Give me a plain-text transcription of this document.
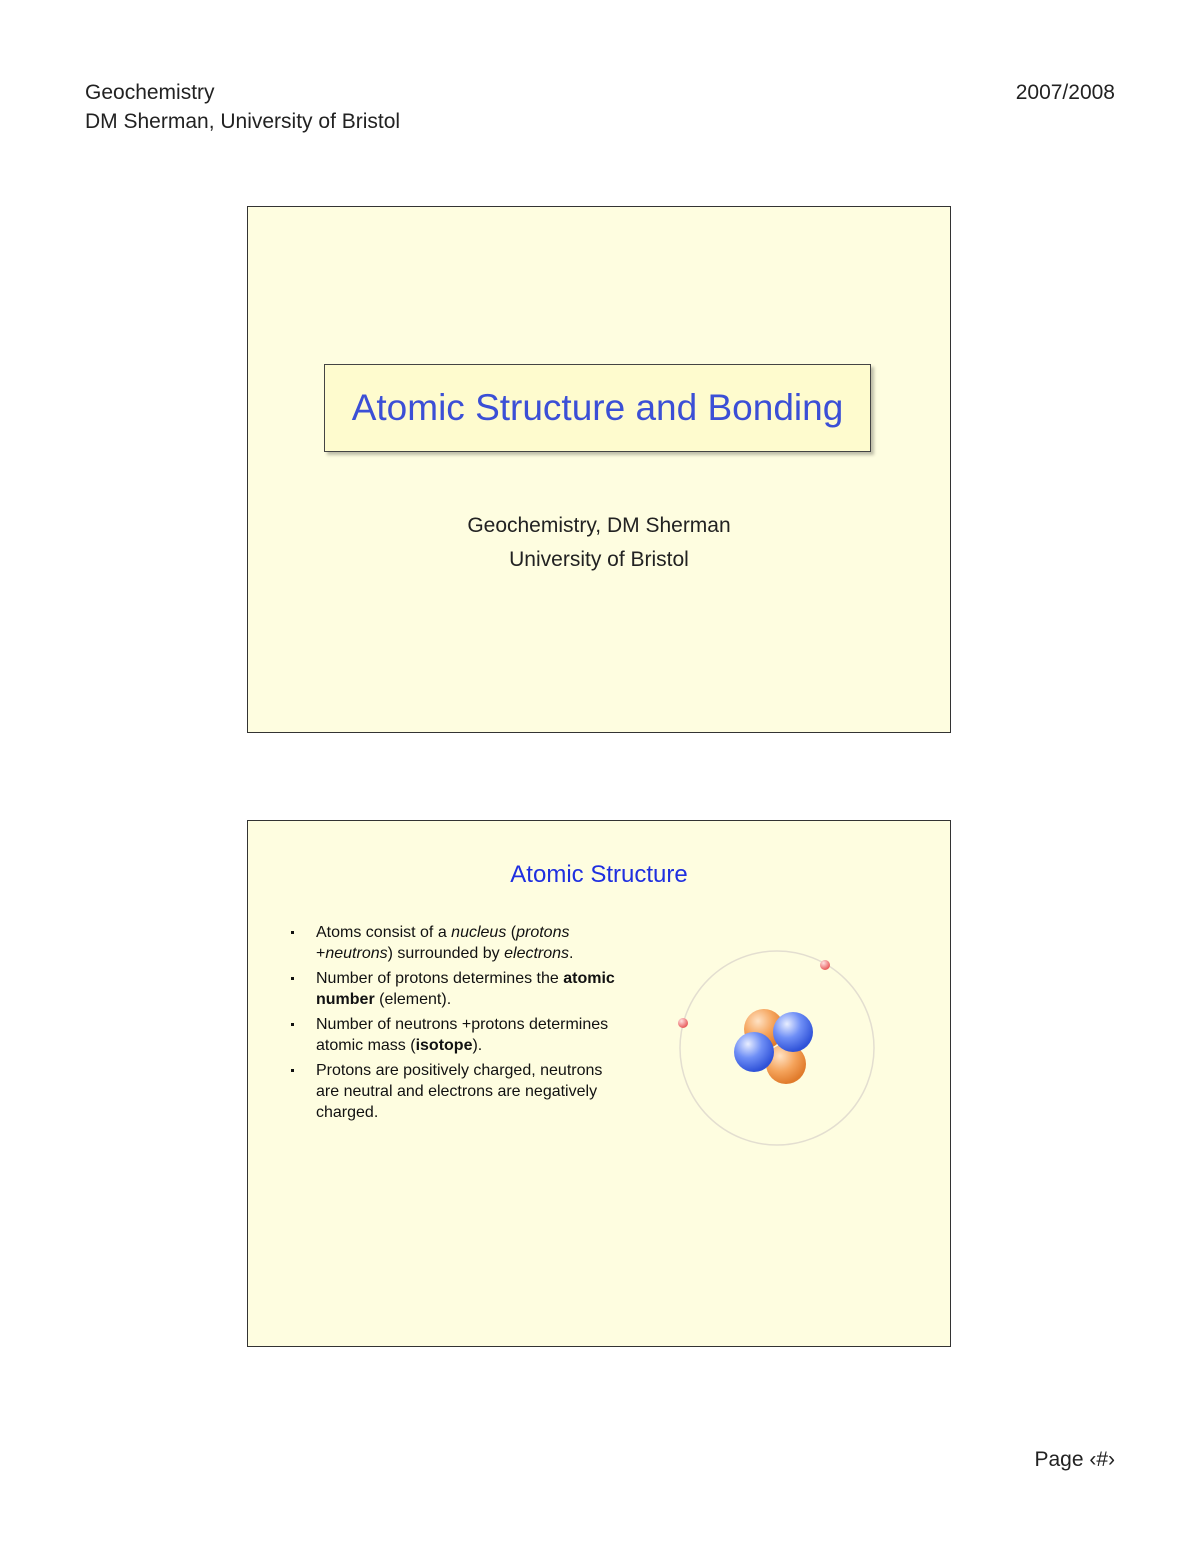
Geochemistry
DM Sherman, University of Bristol
2007/2008
Atomic Structure and Bonding
Geochemistry, DM Sherman
University of Bristol
Atomic Structure
Atoms consist of a nucleus (protons +neutrons) surrounded by electrons.
Number of protons determines the atomic number (element).
Number of neutrons +protons determines atomic mass (isotope).
Protons are positively charged, neutrons are neutral and electrons are negatively charged.
Page ‹#›
